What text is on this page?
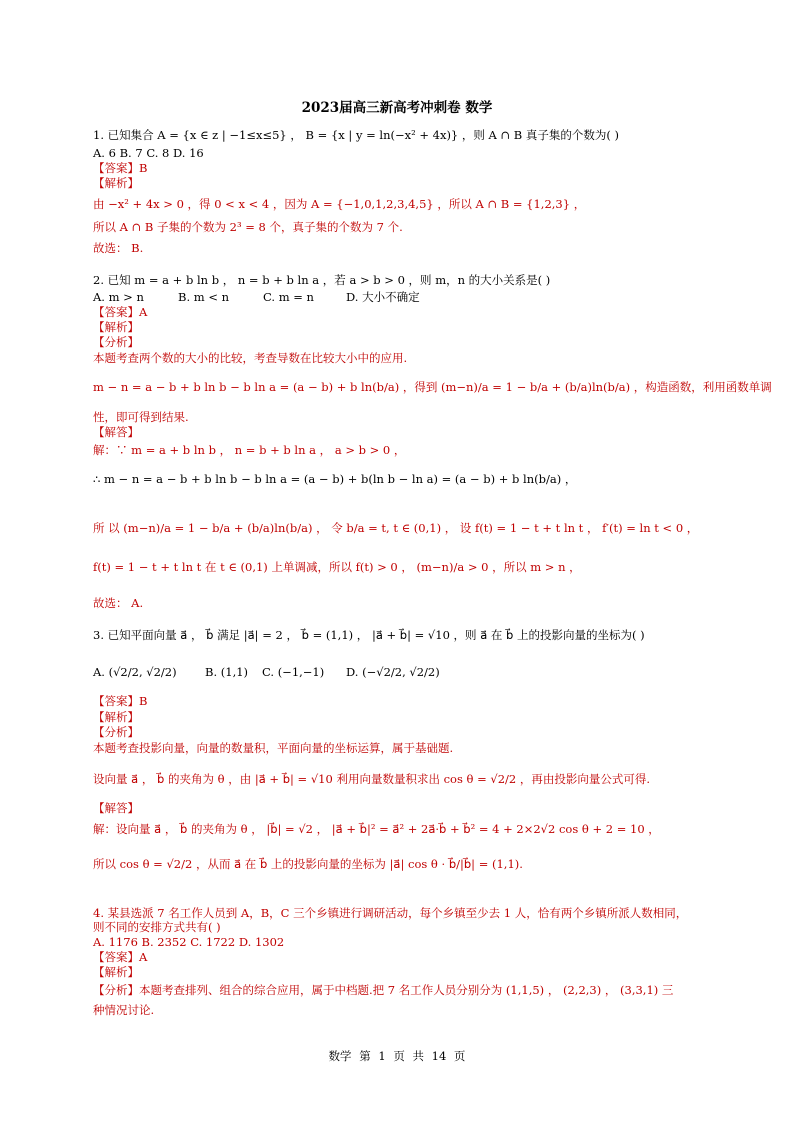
2023届高三新高考冲刺卷 数学
1. 已知集合 A = {x ∈ z | −1≤x≤5} ， B = {x | y = ln(−x² + 4x)} ，则 A ∩ B 真子集的个数为( )
A. 6 B. 7 C. 8 D. 16
【答案】B
【解析】
由 −x² + 4x > 0 ，得 0 < x < 4 ，因为 A = {−1,0,1,2,3,4,5} ，所以 A ∩ B = {1,2,3} ，
所以 A ∩ B 子集的个数为 2³ = 8 个，真子集的个数为 7 个.
故选： B.
2. 已知 m = a + b ln b ， n = b + b ln a ，若 a > b > 0 ，则 m，n 的大小关系是( )
A. m > n	B. m < n	C. m = n	D. 大小不确定
【答案】A
【解析】
【分析】
本题考查两个数的大小的比较，考查导数在比较大小中的应用.
m − n = a − b + b ln b − b ln a = (a − b) + b ln(b/a) ，得到 (m−n)/a = 1 − b/a + (b/a)ln(b/a) ，构造函数，利用函数单调
性，即可得到结果.
【解答】
解：∵ m = a + b ln b ， n = b + b ln a ， a > b > 0 ，
∴ m − n = a − b + b ln b − b ln a = (a − b) + b(ln b − ln a) = (a − b) + b ln(b/a) ，
所 以 (m−n)/a = 1 − b/a + (b/a)ln(b/a) ， 令 b/a = t, t ∈ (0,1) ， 设 f(t) = 1 − t + t ln t ， f′(t) = ln t < 0 ，
f(t) = 1 − t + t ln t 在 t ∈ (0,1) 上单调减，所以 f(t) > 0 ， (m−n)/a > 0 ，所以 m > n ，
故选： A.
3. 已知平面向量 a⃗ ， b⃗ 满足 |a⃗| = 2 ， b⃗ = (1,1) ， |a⃗ + b⃗| = √10 ，则 a⃗ 在 b⃗ 上的投影向量的坐标为( )
A. (√2/2, √2/2) B. (1,1) C. (−1,−1) D. (−√2/2, √2/2)
【答案】B
【解析】
【分析】
本题考查投影向量，向量的数量积，平面向量的坐标运算，属于基础题.
设向量 a⃗ ， b⃗ 的夹角为 θ ，由 |a⃗ + b⃗| = √10 利用向量数量积求出 cos θ = √2/2 ，再由投影向量公式可得.
【解答】
解：设向量 a⃗ ， b⃗ 的夹角为 θ ， |b⃗| = √2 ， |a⃗ + b⃗|² = a⃗² + 2a⃗·b⃗ + b⃗² = 4 + 2×2√2 cos θ + 2 = 10 ，
所以 cos θ = √2/2 ，从而 a⃗ 在 b⃗ 上的投影向量的坐标为 |a⃗| cos θ · b⃗/|b⃗| = (1,1).
4. 某县选派 7 名工作人员到 A，B，C 三个乡镇进行调研活动，每个乡镇至少去 1 人，恰有两个乡镇所派人数相同，
则不同的安排方式共有( )
A. 1176 B. 2352 C. 1722 D. 1302
【答案】A
【解析】
【分析】本题考查排列、组合的综合应用，属于中档题.把 7 名工作人员分别分为 (1,1,5) ， (2,2,3) ， (3,3,1) 三
种情况讨论.
数学 第 1 页 共 14 页
